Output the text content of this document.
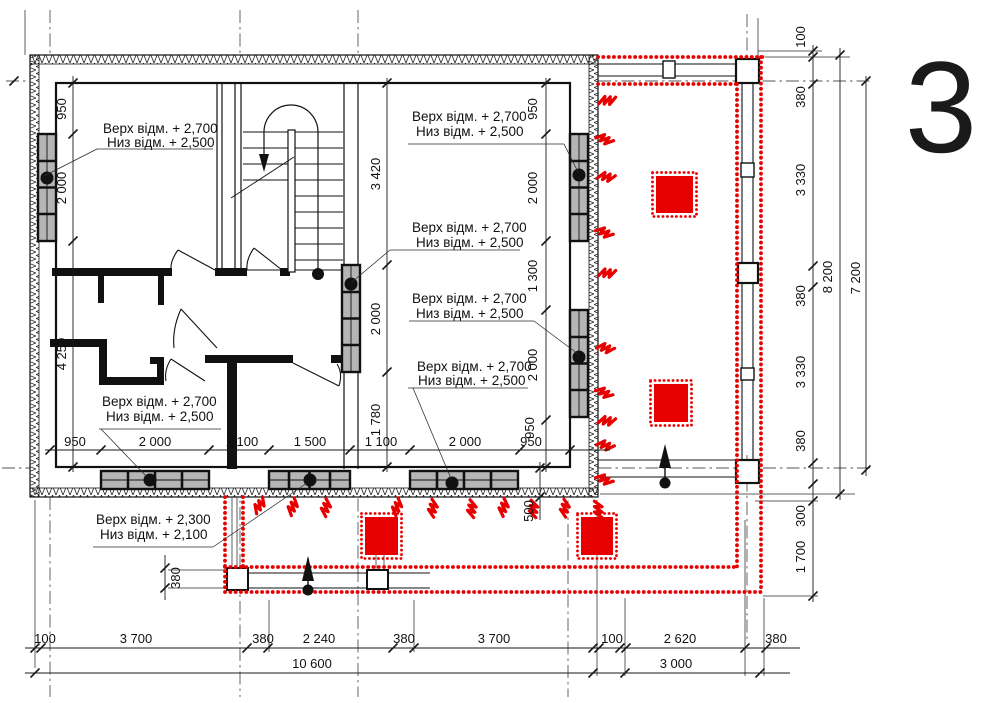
950
2 000
4 250
3 420
2 000
1 780
950
2 000
1 300
2 000
950
950	2 000	1 100	1 500	1 100	2 000	950
100	3 700	380 2 240	380	3 700	100	2 620	380
10 600	3 000
100
380
3 330
380
3 330
380
300
1 700
8 200 7 200
380
500
Верх відм. + 2,700
Низ відм. + 2,500
Верх відм. + 2,700
Низ відм. + 2,500
Верх відм. + 2,700
Низ відм. + 2,500
Верх відм. + 2,700
Низ відм. + 2,500
Верх відм. + 2,700
Низ відм. + 2,500
Верх відм. + 2,700
Низ відм. + 2,500
Верх відм. + 2,300
Низ відм. + 2,100
3
